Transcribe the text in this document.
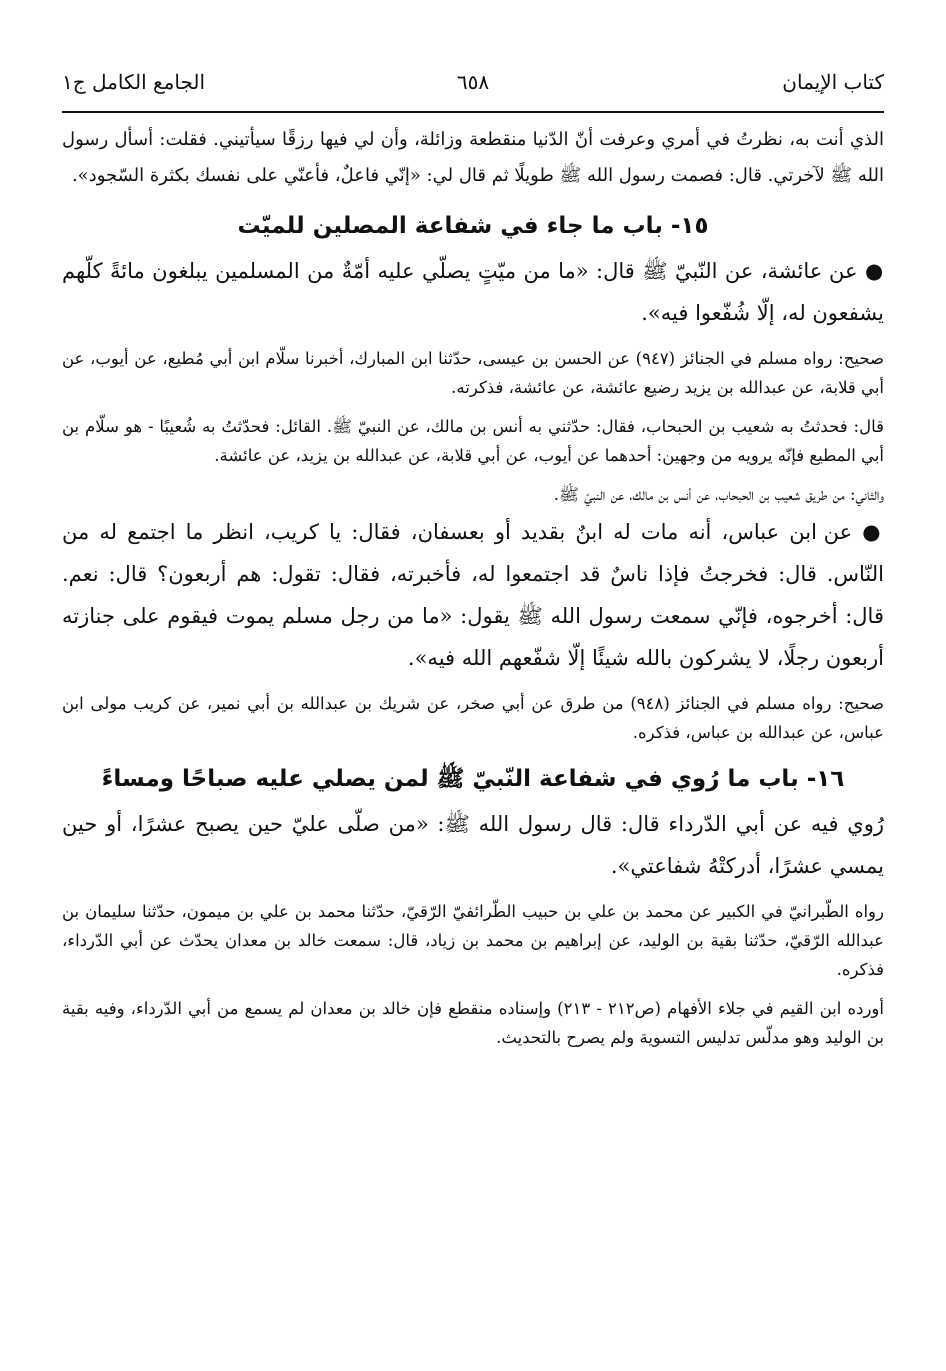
كتاب الإيمان
٦٥٨
الجامع الكامل ج١

الذي أنت به، نظرتُ في أمري وعرفت أنّ الدّنيا منقطعة وزائلة، وأن لي فيها رزقًا سيأتيني. فقلت: أسأل رسول الله ﷺ لآخرتي. قال: فصمت رسول الله ﷺ طويلًا ثم قال لي: «إنّي فاعلٌ، فأعنّي على نفسك بكثرة السّجود».

١٥- باب ما جاء في شفاعة المصلين للميّت

● عن عائشة، عن النّبيّ ﷺ قال: «ما من ميّتٍ يصلّي عليه أمّةٌ من المسلمين يبلغون مائةً كلّهم يشفعون له، إلّا شُفّعوا فيه».

صحيح: رواه مسلم في الجنائز (٩٤٧) عن الحسن بن عيسى، حدّثنا ابن المبارك، أخبرنا سلّام ابن أبي مُطيع، عن أيوب، عن أبي قلابة، عن عبدالله بن يزيد رضيع عائشة، عن عائشة، فذكرته.

قال: فحدثتُ به شعيب بن الحبحاب، فقال: حدّثني به أنس بن مالك، عن النبيّ ﷺ. القائل: فحدّثتُ به شُعيبًا - هو سلّام بن أبي المطيع فإنّه يرويه من وجهين: أحدهما عن أيوب، عن أبي قلابة، عن عبدالله بن يزيد، عن عائشة.

والثاني: من طريق شعيب بن الحبحاب، عن أنس بن مالك، عن النبيّ ﷺ.

● عن ابن عباس، أنه مات له ابنٌ بقديد أو بعسفان، فقال: يا كريب، انظر ما اجتمع له من النّاس. قال: فخرجتُ فإذا ناسٌ قد اجتمعوا له، فأخبرته، فقال: تقول: هم أربعون؟ قال: نعم. قال: أخرجوه، فإنّي سمعت رسول الله ﷺ يقول: «ما من رجل مسلم يموت فيقوم على جنازته أربعون رجلًا، لا يشركون بالله شيئًا إلّا شفّعهم الله فيه».

صحيح: رواه مسلم في الجنائز (٩٤٨) من طرق عن أبي صخر، عن شريك بن عبدالله بن أبي نمير، عن كريب مولى ابن عباس، عن عبدالله بن عباس، فذكره.

١٦- باب ما رُوي في شفاعة النّبيّ ﷺ لمن يصلي عليه صباحًا ومساءً

رُوي فيه عن أبي الدّرداء قال: قال رسول الله ﷺ: «من صلّى عليّ حين يصبح عشرًا، أو حين يمسي عشرًا، أدركتْهُ شفاعتي».

رواه الطّبرانيّ في الكبير عن محمد بن علي بن حبيب الطّرائفيّ الرّقيّ، حدّثنا محمد بن علي بن ميمون، حدّثنا سليمان بن عبدالله الرّقيّ، حدّثنا بقية بن الوليد، عن إبراهيم بن محمد بن زياد، قال: سمعت خالد بن معدان يحدّث عن أبي الدّرداء، فذكره.

أورده ابن القيم في جلاء الأفهام (ص٢١٢ - ٢١٣) وإسناده منقطع فإن خالد بن معدان لم يسمع من أبي الدّرداء، وفيه بقية بن الوليد وهو مدلّس تدليس التسوية ولم يصرح بالتحديث.
